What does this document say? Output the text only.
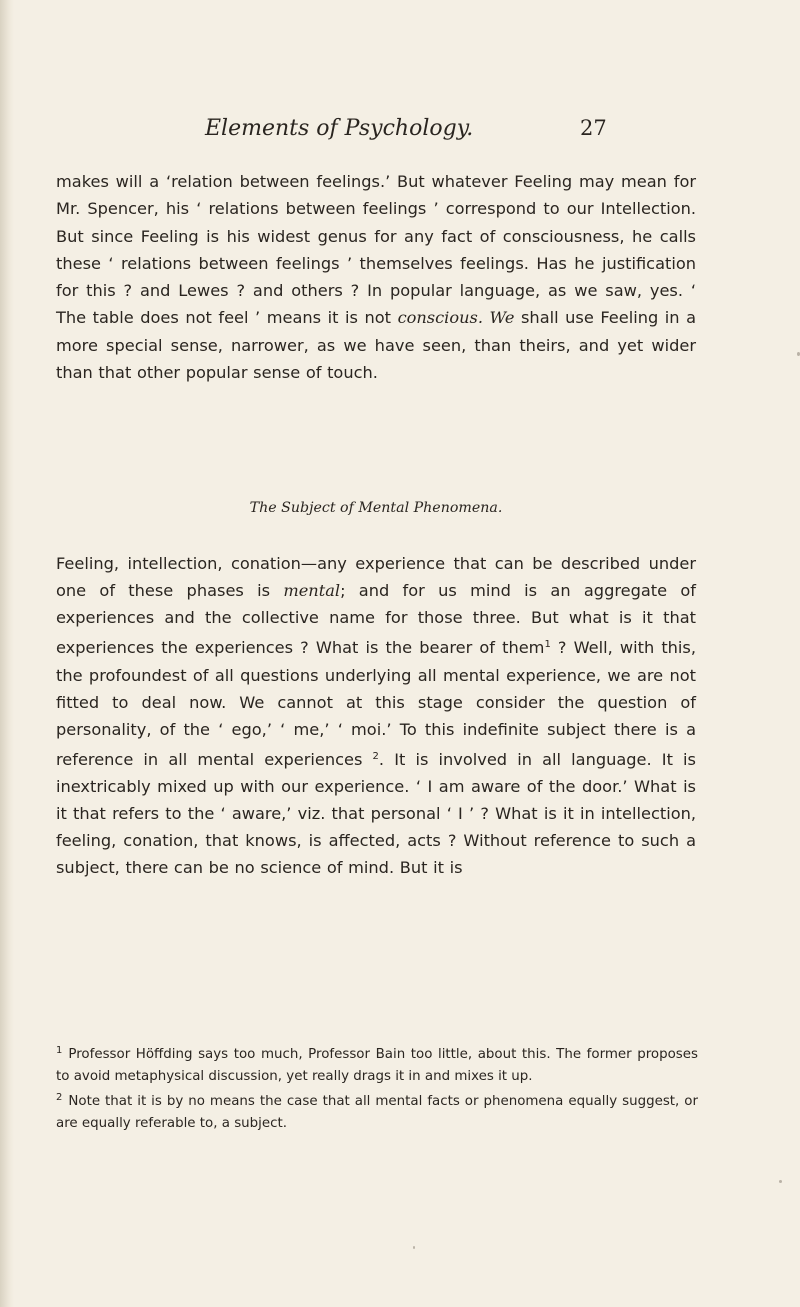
Elements of Psychology.	27

makes will a ‘relation between feelings.’ But whatever Feeling may mean for Mr. Spencer, his ‘ relations between feelings ’ correspond to our Intellection. But since Feeling is his widest genus for any fact of consciousness, he calls these ‘ relations between feelings ’ themselves feelings. Has he justification for this ? and Lewes ? and others ? In popular language, as we saw, yes. ‘ The table does not feel ’ means it is not conscious. We shall use Feeling in a more special sense, narrower, as we have seen, than theirs, and yet wider than that other popular sense of touch.

The Subject of Mental Phenomena.

Feeling, intellection, conation—any experience that can be described under one of these phases is mental; and for us mind is an aggregate of experiences and the collective name for those three. But what is it that experiences the experiences ? What is the bearer of them$^1$ ? Well, with this, the profoundest of all questions underlying all mental experience, we are not fitted to deal now. We cannot at this stage consider the question of personality, of the ‘ ego,’ ‘ me,’ ‘ moi.’ To this indefinite subject there is a reference in all mental experiences $^2$. It is involved in all language. It is inextricably mixed up with our experience. ‘ I am aware of the door.’ What is it that refers to the ‘ aware,’ viz. that personal ‘ I ’ ? What is it in intellection, feeling, conation, that knows, is affected, acts ? Without reference to such a subject, there can be no science of mind. But it is

$^1$ Professor Höffding says too much, Professor Bain too little, about this. The former proposes to avoid metaphysical discussion, yet really drags it in and mixes it up.

$^2$ Note that it is by no means the case that all mental facts or phenomena equally suggest, or are equally referable to, a subject.
